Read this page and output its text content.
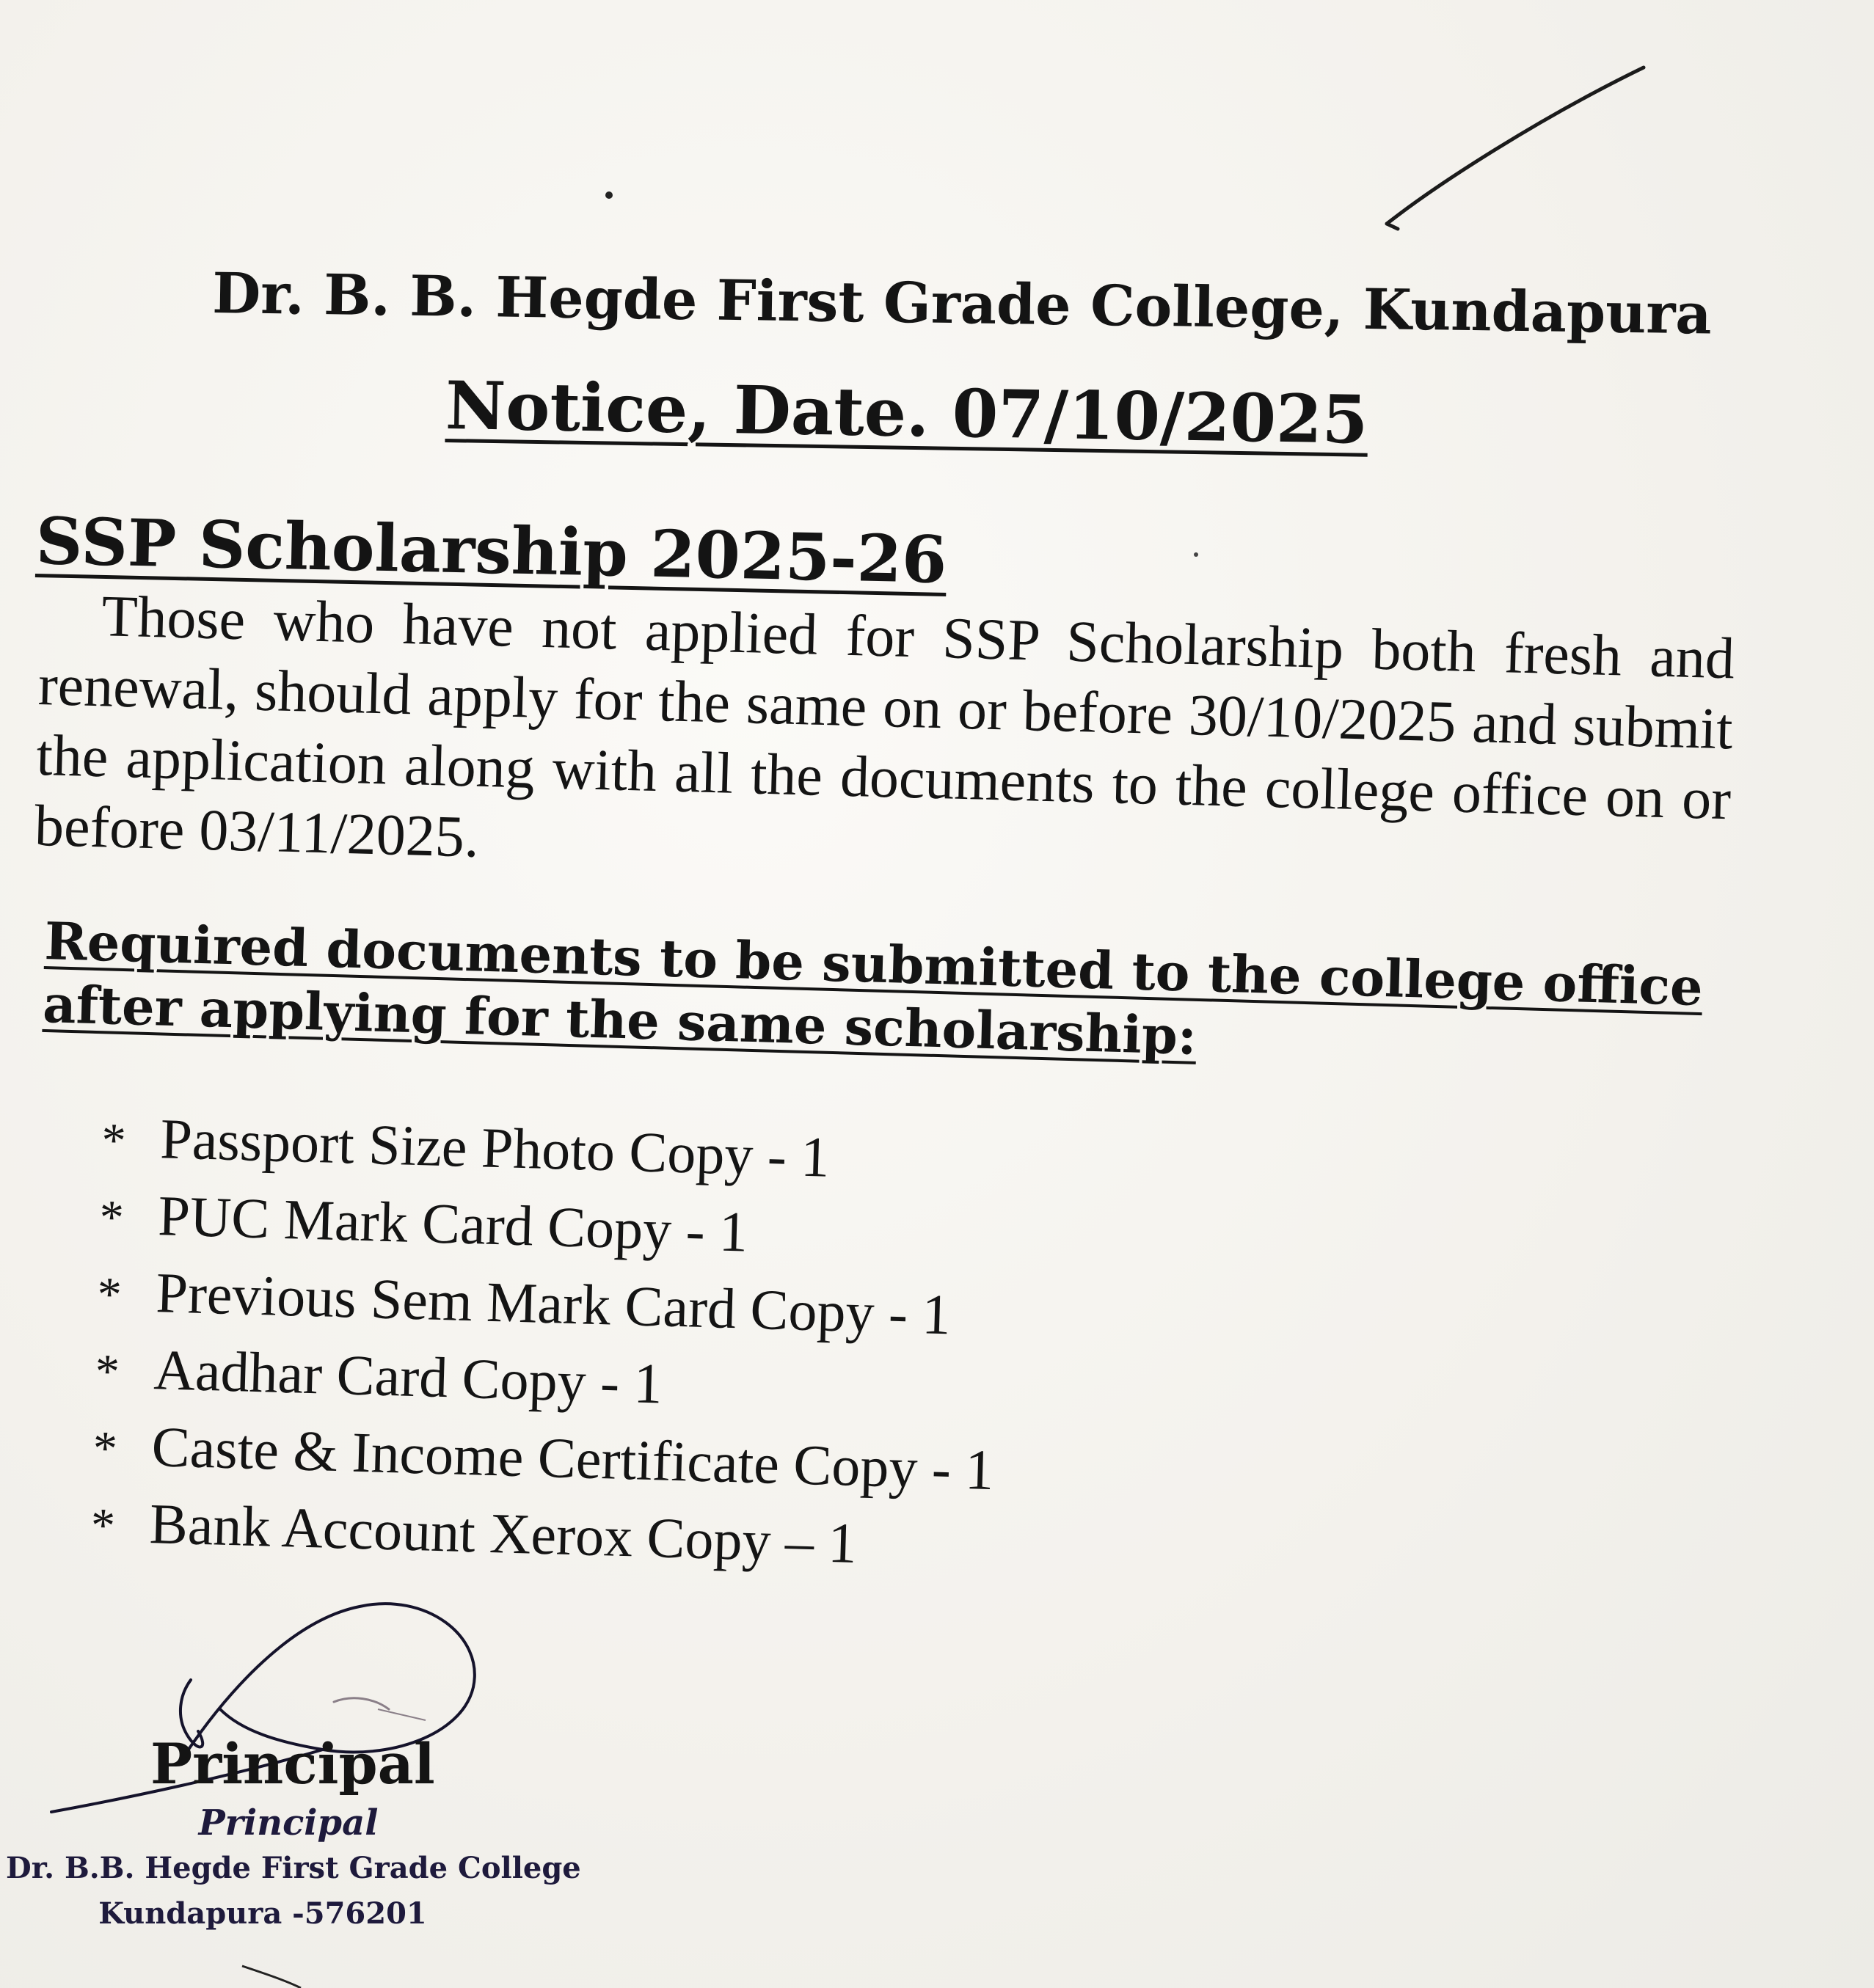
Dr. B. B. Hegde First Grade College, Kundapura
Notice, Date. 07/10/2025
SSP Scholarship 2025-26
Those who have not applied for SSP Scholarship both fresh and renewal, should apply for the same on or before 30/10/2025 and submit the application along with all the documents to the college office on or before 03/11/2025.
Required documents to be submitted to the college office after applying for the same scholarship:
* Passport Size Photo Copy - 1
* PUC Mark Card Copy - 1
* Previous Sem Mark Card Copy - 1
* Aadhar Card Copy - 1
* Caste & Income Certificate Copy - 1
* Bank Account Xerox Copy – 1
Principal
Principal
Dr. B.B. Hegde First Grade College
Kundapura -576201
